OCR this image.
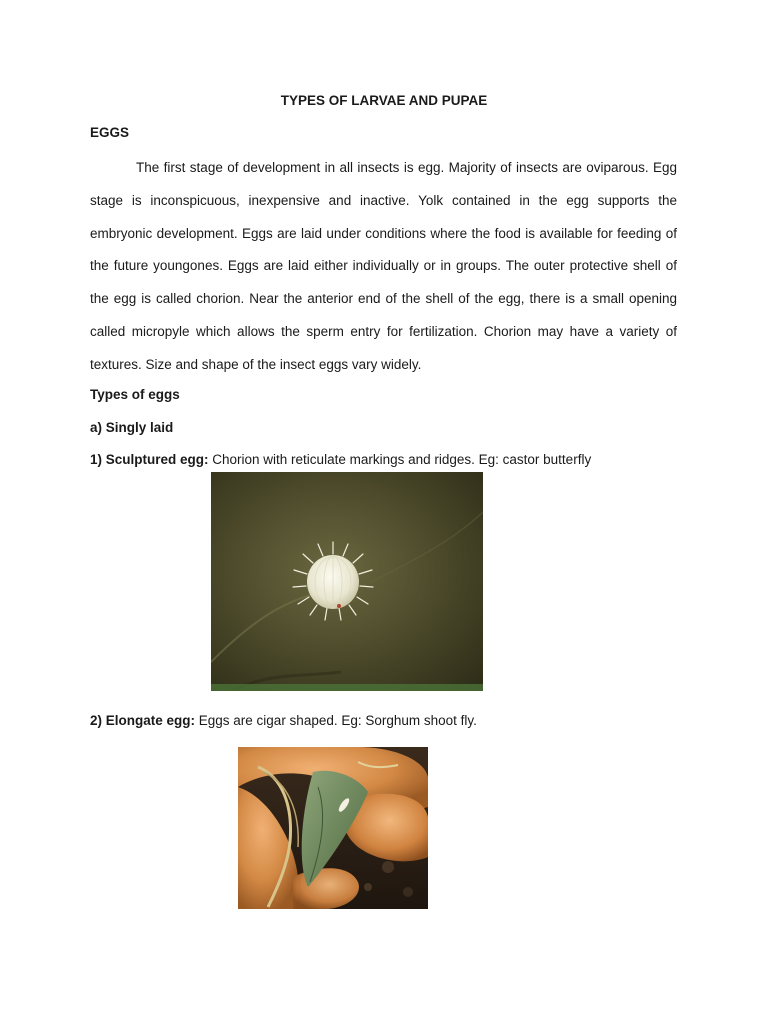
TYPES OF LARVAE AND PUPAE
EGGS
The first stage of development in all insects is egg. Majority of insects are oviparous. Egg stage is inconspicuous, inexpensive and inactive. Yolk contained in the egg supports the embryonic development. Eggs are laid under conditions where the food is available for feeding of the future youngones. Eggs are laid either individually or in groups. The outer protective shell of the egg is called chorion. Near the anterior end of the shell of the egg, there is a small opening called micropyle which allows the sperm entry for fertilization. Chorion may have a variety of textures. Size and shape of the insect eggs vary widely.
Types of eggs
a) Singly laid
1) Sculptured egg: Chorion with reticulate markings and ridges. Eg: castor butterfly
2) Elongate egg: Eggs are cigar shaped. Eg: Sorghum shoot fly.
